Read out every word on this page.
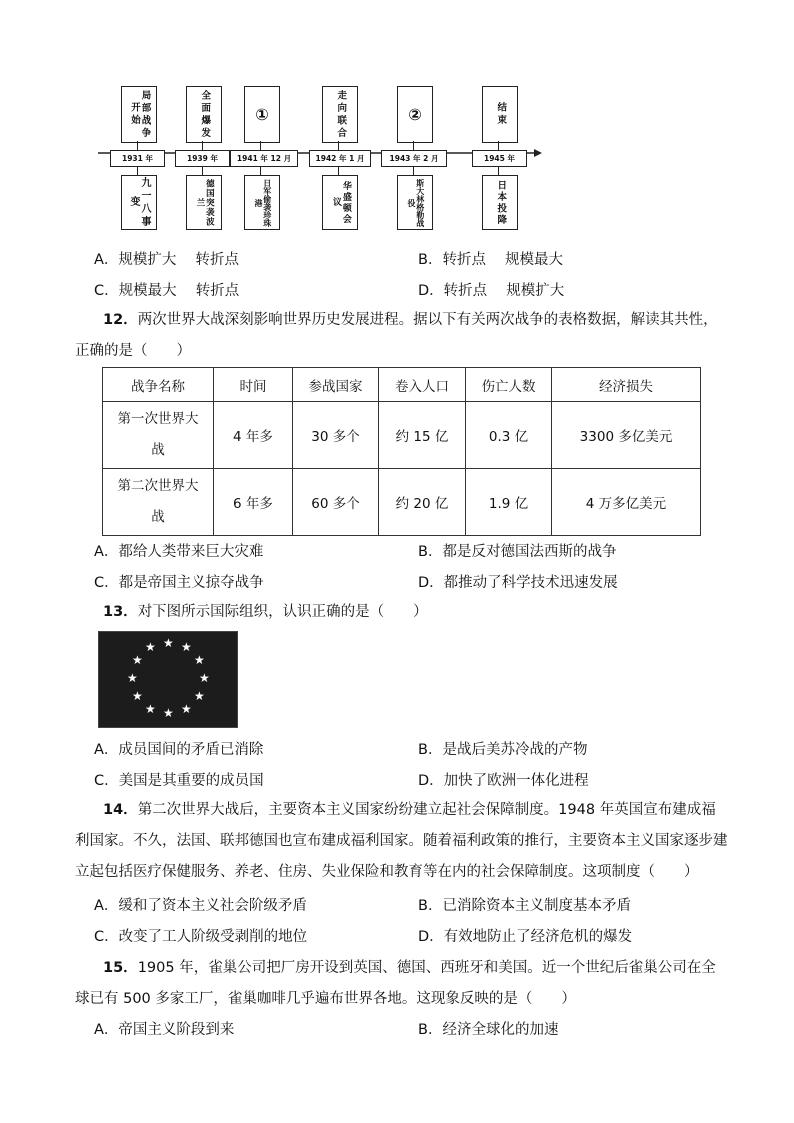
局部战争开始	全面爆发	①	走向联合	②	结束
1931 年	1939 年	1941 年 12 月	1942 年 1 月	1943 年 2 月	1945 年
九一八事变	德国突袭波兰	日军偷袭珍珠港	华盛顿会议	斯大林格勒战役	日本投降
A．规模扩大　 转折点	B．转折点　 规模最大
C．规模最大　 转折点	D．转折点　 规模扩大
12．两次世界大战深刻影响世界历史发展进程。据以下有关两次战争的表格数据，解读其共性，正确的是（　　）
战争名称	时间	参战国家	卷入人口	伤亡人数	经济损失
第一次世界大战	4 年多	30 多个	约 15 亿	0.3 亿	3300 多亿美元
第二次世界大战	6 年多	60 多个	约 20 亿	1.9 亿	4 万多亿美元
A．都给人类带来巨大灾难	B．都是反对德国法西斯的战争
C．都是帝国主义掠夺战争	D．都推动了科学技术迅速发展
13．对下图所示国际组织，认识正确的是（　　）
★ ★
★
★
★
★
★
★
★
★
★
★
A．成员国间的矛盾已消除	B．是战后美苏冷战的产物
C．美国是其重要的成员国	D．加快了欧洲一体化进程
14．第二次世界大战后，主要资本主义国家纷纷建立起社会保障制度。1948 年英国宣布建成福利国家。不久，法国、联邦德国也宣布建成福利国家。随着福利政策的推行，主要资本主义国家逐步建立起包括医疗保健服务、养老、住房、失业保险和教育等在内的社会保障制度。这项制度（　　）
A．缓和了资本主义社会阶级矛盾	B．已消除资本主义制度基本矛盾
C．改变了工人阶级受剥削的地位	D．有效地防止了经济危机的爆发
15．1905 年，雀巢公司把厂房开设到英国、德国、西班牙和美国。近一个世纪后雀巢公司在全球已有 500 多家工厂，雀巢咖啡几乎遍布世界各地。这现象反映的是（　　）
A．帝国主义阶段到来	B．经济全球化的加速
